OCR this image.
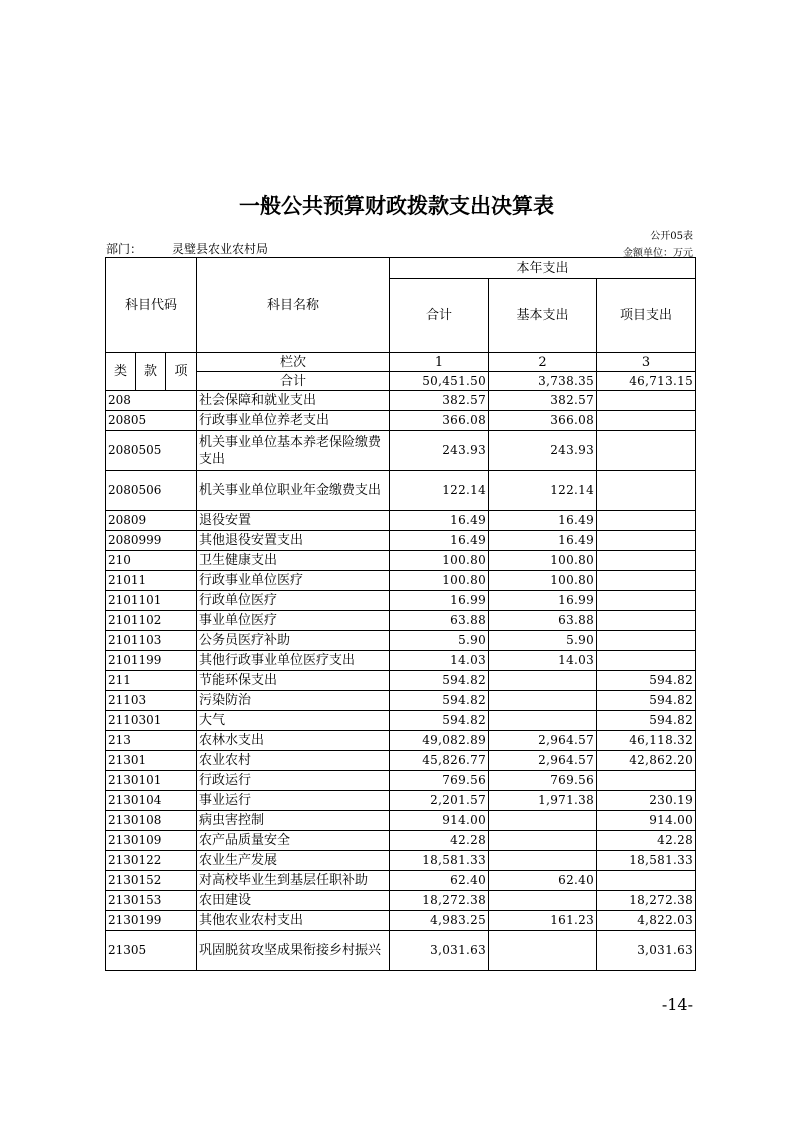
一般公共预算财政拨款支出决算表
公开05表
部门： 灵璧县农业农村局	金额单位：万元
科目代码			科目名称	本年支出		
				合计	基本支出	项目支出

类	款	项	栏次	1	2	3
			合计	50,451.50	3,738.35	46,713.15
208			社会保障和就业支出	382.57	382.57	
20805			行政事业单位养老支出	366.08	366.08	
2080505			机关事业单位基本养老保险缴费支出	243.93	243.93	
2080506			机关事业单位职业年金缴费支出	122.14	122.14	
20809			退役安置	16.49	16.49	
2080999			其他退役安置支出	16.49	16.49	
210			卫生健康支出	100.80	100.80	
21011			行政事业单位医疗	100.80	100.80	
2101101			行政单位医疗	16.99	16.99	
2101102			事业单位医疗	63.88	63.88	
2101103			公务员医疗补助	5.90	5.90	
2101199			其他行政事业单位医疗支出	14.03	14.03	
211			节能环保支出	594.82		594.82
21103			污染防治	594.82		594.82
2110301			大气	594.82		594.82
213			农林水支出	49,082.89	2,964.57	46,118.32
21301			农业农村	45,826.77	2,964.57	42,862.20
2130101			行政运行	769.56	769.56	
2130104			事业运行	2,201.57	1,971.38	230.19
2130108			病虫害控制	914.00		914.00
2130109			农产品质量安全	42.28		42.28
2130122			农业生产发展	18,581.33		18,581.33
2130152			对高校毕业生到基层任职补助	62.40	62.40	
2130153			农田建设	18,272.38		18,272.38
2130199			其他农业农村支出	4,983.25	161.23	4,822.03
21305			巩固脱贫攻坚成果衔接乡村振兴	3,031.63		3,031.63
-14-
